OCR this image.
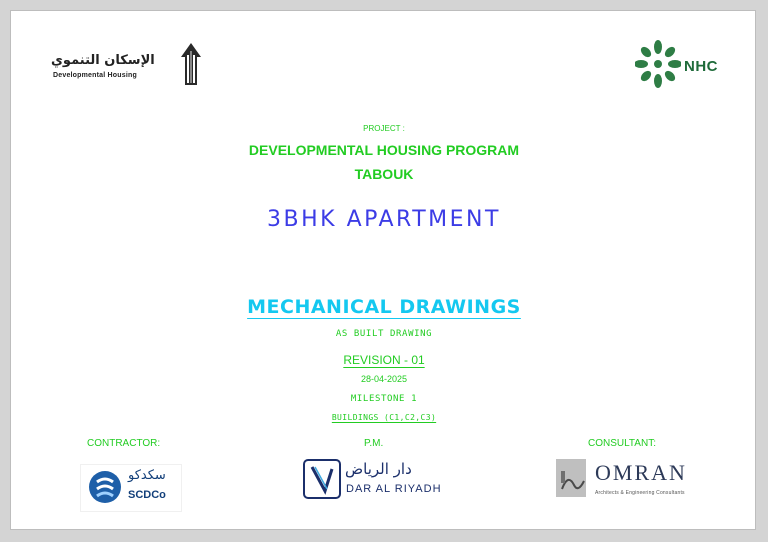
الإسكان التنموي
Developmental Housing
NHC
PROJECT :
DEVELOPMENTAL HOUSING PROGRAM
TABOUK
3BHK APARTMENT
MECHANICAL DRAWINGS
AS BUILT DRAWING
REVISION - 01
28-04-2025
MILESTONE 1
BUILDINGS (C1,C2,C3)
CONTRACTOR:	P.M.	CONSULTANT:
سكدكو
SCDCo
دار الرياض
DAR AL RIYADH
OMRAN
Architects & Engineering Consultants
